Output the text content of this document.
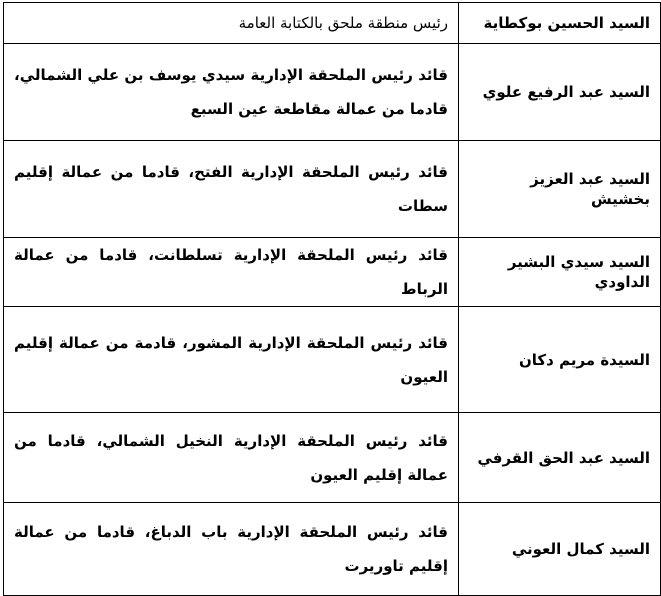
السيد الحسين بوكطاية	رئيس منطقة ملحق بالكتابة العامة

السيد عبد الرفيع علوي	قائد رئيس الملحقة الإدارية سيدي يوسف بن علي الشمالي، قادما من عمالة مقاطعة عين السبع

السيد عبد العزيز بخشيش	قائد رئيس الملحقة الإدارية الفتح، قادما من عمالة إقليم سطات

السيد سيدي البشير الداودي	قائد رئيس الملحقة الإدارية تسلطانت، قادما من عمالة الرباط

السيدة مريم دكان	قائد رئيس الملحقة الإدارية المشور، قادمة من عمالة إقليم العيون

السيد عبد الحق القرفي	قائد رئيس الملحقة الإدارية النخيل الشمالي، قادما من عمالة إقليم العيون

السيد كمال العوني	قائد رئيس الملحقة الإدارية باب الدباغ، قادما من عمالة إقليم تاوريرت
